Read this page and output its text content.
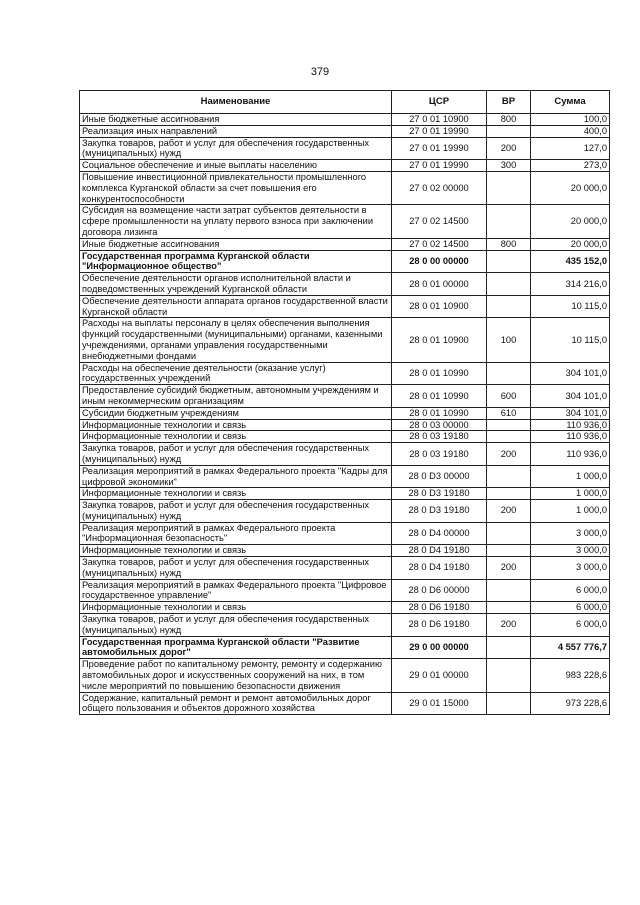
379
Наименование	ЦСР	ВР	Сумма
Иные бюджетные ассигнования	27 0 01 10900	800	100,0
Реализация иных направлений	27 0 01 19990		400,0
Закупка товаров, работ и услуг для обеспечения государственных (муниципальных) нужд	27 0 01 19990	200	127,0
Социальное обеспечение и иные выплаты населению	27 0 01 19990	300	273,0
Повышение инвестиционной привлекательности промышленного комплекса Курганской области за счет повышения его конкурентоспособности	27 0 02 00000		20 000,0
Субсидия на возмещение части затрат субъектов деятельности в сфере промышленности на уплату первого взноса при заключении договора лизинга	27 0 02 14500		20 000,0
Иные бюджетные ассигнования	27 0 02 14500	800	20 000,0
Государственная программа Курганской области "Информационное общество"	28 0 00 00000		435 152,0
Обеспечение деятельности органов исполнительной власти и подведомственных учреждений Курганской области	28 0 01 00000		314 216,0
Обеспечение деятельности аппарата органов государственной власти Курганской области	28 0 01 10900		10 115,0
Расходы на выплаты персоналу в целях обеспечения выполнения функций государственными (муниципальными) органами, казенными учреждениями, органами управления государственными внебюджетными фондами	28 0 01 10900	100	10 115,0
Расходы на обеспечение деятельности (оказание услуг) государственных учреждений	28 0 01 10990		304 101,0
Предоставление субсидий бюджетным, автономным учреждениям и иным некоммерческим организациям	28 0 01 10990	600	304 101,0
Субсидии бюджетным учреждениям	28 0 01 10990	610	304 101,0
Информационные технологии и связь	28 0 03 00000		110 936,0
Информационные технологии и связь	28 0 03 19180		110 936,0
Закупка товаров, работ и услуг для обеспечения государственных (муниципальных) нужд	28 0 03 19180	200	110 936,0
Реализация мероприятий в рамках Федерального проекта "Кадры для цифровой экономики"	28 0 D3 00000		1 000,0
Информационные технологии и связь	28 0 D3 19180		1 000,0
Закупка товаров, работ и услуг для обеспечения государственных (муниципальных) нужд	28 0 D3 19180	200	1 000,0
Реализация мероприятий в рамках Федерального проекта "Информационная безопасность"	28 0 D4 00000		3 000,0
Информационные технологии и связь	28 0 D4 19180		3 000,0
Закупка товаров, работ и услуг для обеспечения государственных (муниципальных) нужд	28 0 D4 19180	200	3 000,0
Реализация мероприятий в рамках Федерального проекта "Цифровое государственное управление"	28 0 D6 00000		6 000,0
Информационные технологии и связь	28 0 D6 19180		6 000,0
Закупка товаров, работ и услуг для обеспечения государственных (муниципальных) нужд	28 0 D6 19180	200	6 000,0
Государственная программа Курганской области "Развитие автомобильных дорог"	29 0 00 00000		4 557 776,7
Проведение работ по капитальному ремонту, ремонту и содержанию автомобильных дорог и искусственных сооружений на них, в том числе мероприятий по повышению безопасности движения	29 0 01 00000		983 228,6
Содержание, капитальный ремонт и ремонт автомобильных дорог общего пользования и объектов дорожного хозяйства	29 0 01 15000		973 228,6
